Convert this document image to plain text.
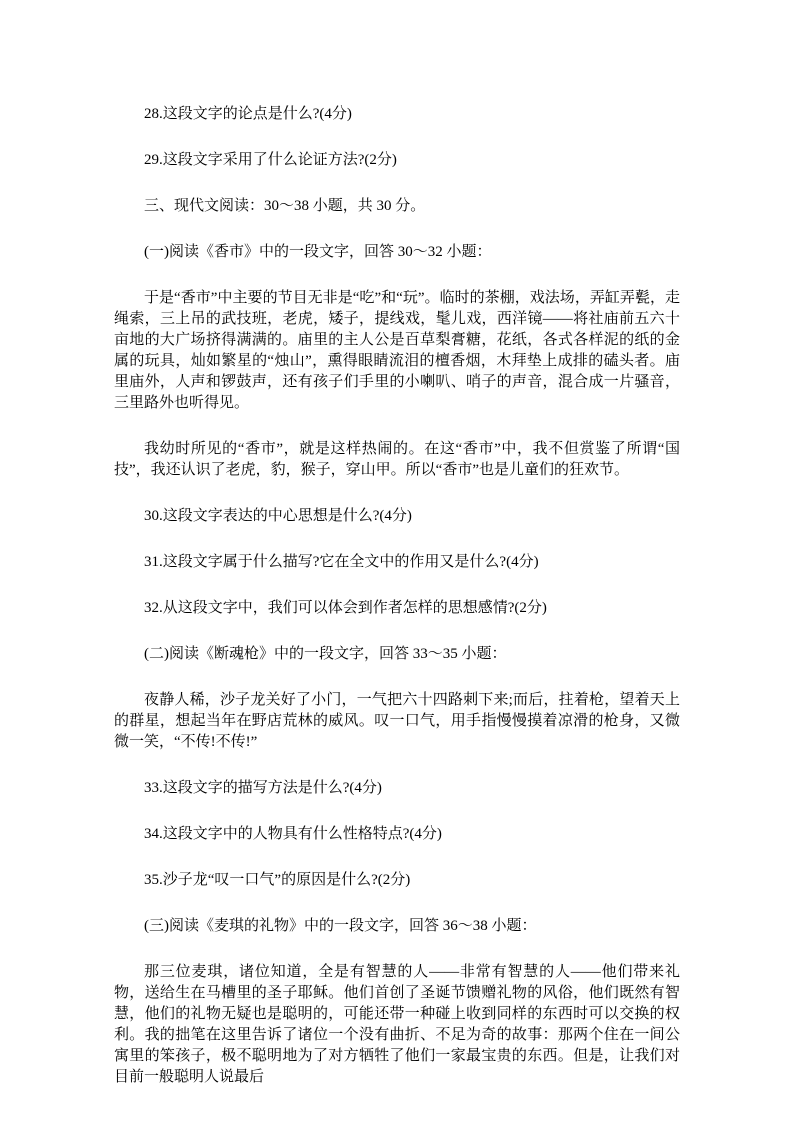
28.这段文字的论点是什么?(4分)

29.这段文字采用了什么论证方法?(2分)

三、现代文阅读：30～38 小题，共 30 分。

(一)阅读《香市》中的一段文字，回答 30～32 小题：

于是“香市”中主要的节目无非是“吃”和“玩”。临时的茶棚，戏法场，弄缸弄甏，走绳索，三上吊的武技班，老虎，矮子，提线戏，髦儿戏，西洋镜——将社庙前五六十亩地的大广场挤得满满的。庙里的主人公是百草梨膏糖，花纸，各式各样泥的纸的金属的玩具，灿如繁星的“烛山”，熏得眼睛流泪的檀香烟，木拜垫上成排的磕头者。庙里庙外，人声和锣鼓声，还有孩子们手里的小喇叭、哨子的声音，混合成一片骚音，三里路外也听得见。

我幼时所见的“香市”，就是这样热闹的。在这“香市”中，我不但赏鉴了所谓“国技”，我还认识了老虎，豹，猴子，穿山甲。所以“香市”也是儿童们的狂欢节。

30.这段文字表达的中心思想是什么?(4分)

31.这段文字属于什么描写?它在全文中的作用又是什么?(4分)

32.从这段文字中，我们可以体会到作者怎样的思想感情?(2分)

(二)阅读《断魂枪》中的一段文字，回答 33～35 小题：

夜静人稀，沙子龙关好了小门，一气把六十四路刺下来;而后，拄着枪，望着天上的群星，想起当年在野店荒林的威风。叹一口气，用手指慢慢摸着凉滑的枪身，又微微一笑，“不传!不传!”

33.这段文字的描写方法是什么?(4分)

34.这段文字中的人物具有什么性格特点?(4分)

35.沙子龙“叹一口气”的原因是什么?(2分)

(三)阅读《麦琪的礼物》中的一段文字，回答 36～38 小题：

那三位麦琪，诸位知道，全是有智慧的人——非常有智慧的人——他们带来礼物，送给生在马槽里的圣子耶稣。他们首创了圣诞节馈赠礼物的风俗，他们既然有智慧，他们的礼物无疑也是聪明的，可能还带一种碰上收到同样的东西时可以交换的权利。我的拙笔在这里告诉了诸位一个没有曲折、不足为奇的故事：那两个住在一间公寓里的笨孩子，极不聪明地为了对方牺牲了他们一家最宝贵的东西。但是，让我们对目前一般聪明人说最后
